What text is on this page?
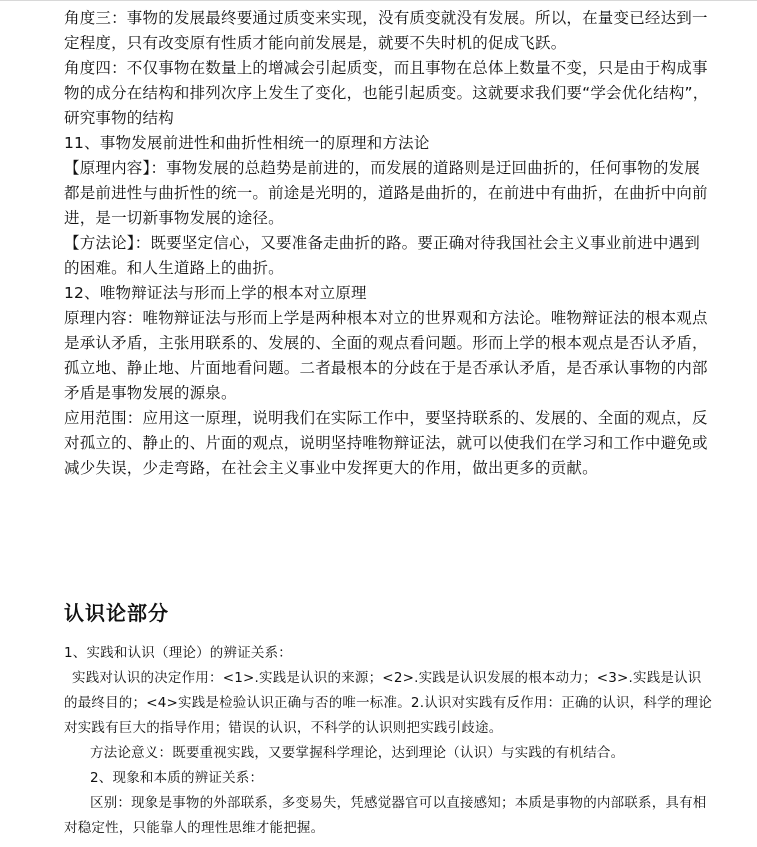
角度三：事物的发展最终要通过质变来实现，没有质变就没有发展。所以，在量变已经达到一定程度，只有改变原有性质才能向前发展是，就要不失时机的促成飞跃。

角度四：不仅事物在数量上的增减会引起质变，而且事物在总体上数量不变，只是由于构成事物的成分在结构和排列次序上发生了变化，也能引起质变。这就要求我们要“学会优化结构”，研究事物的结构

11、事物发展前进性和曲折性相统一的原理和方法论

【原理内容】：事物发展的总趋势是前进的，而发展的道路则是迂回曲折的，任何事物的发展都是前进性与曲折性的统一。前途是光明的，道路是曲折的，在前进中有曲折，在曲折中向前进，是一切新事物发展的途径。

【方法论】：既要坚定信心，又要准备走曲折的路。要正确对待我国社会主义事业前进中遇到的困难。和人生道路上的曲折。

12、唯物辩证法与形而上学的根本对立原理

原理内容：唯物辩证法与形而上学是两种根本对立的世界观和方法论。唯物辩证法的根本观点是承认矛盾，主张用联系的、发展的、全面的观点看问题。形而上学的根本观点是否认矛盾，孤立地、静止地、片面地看问题。二者最根本的分歧在于是否承认矛盾，是否承认事物的内部矛盾是事物发展的源泉。

应用范围：应用这一原理，说明我们在实际工作中，要坚持联系的、发展的、全面的观点，反对孤立的、静止的、片面的观点，说明坚持唯物辩证法，就可以使我们在学习和工作中避免或减少失误，少走弯路，在社会主义事业中发挥更大的作用，做出更多的贡献。

认识论部分

1、实践和认识（理论）的辨证关系：

实践对认识的决定作用：<1>.实践是认识的来源；<2>.实践是认识发展的根本动力；<3>.实践是认识的最终目的；<4>实践是检验认识正确与否的唯一标准。2.认识对实践有反作用：正确的认识，科学的理论对实践有巨大的指导作用；错误的认识，不科学的认识则把实践引歧途。

方法论意义：既要重视实践，又要掌握科学理论，达到理论（认识）与实践的有机结合。

2、现象和本质的辨证关系：

区别：现象是事物的外部联系，多变易失，凭感觉器官可以直接感知；本质是事物的内部联系，具有相对稳定性，只能靠人的理性思维才能把握。
